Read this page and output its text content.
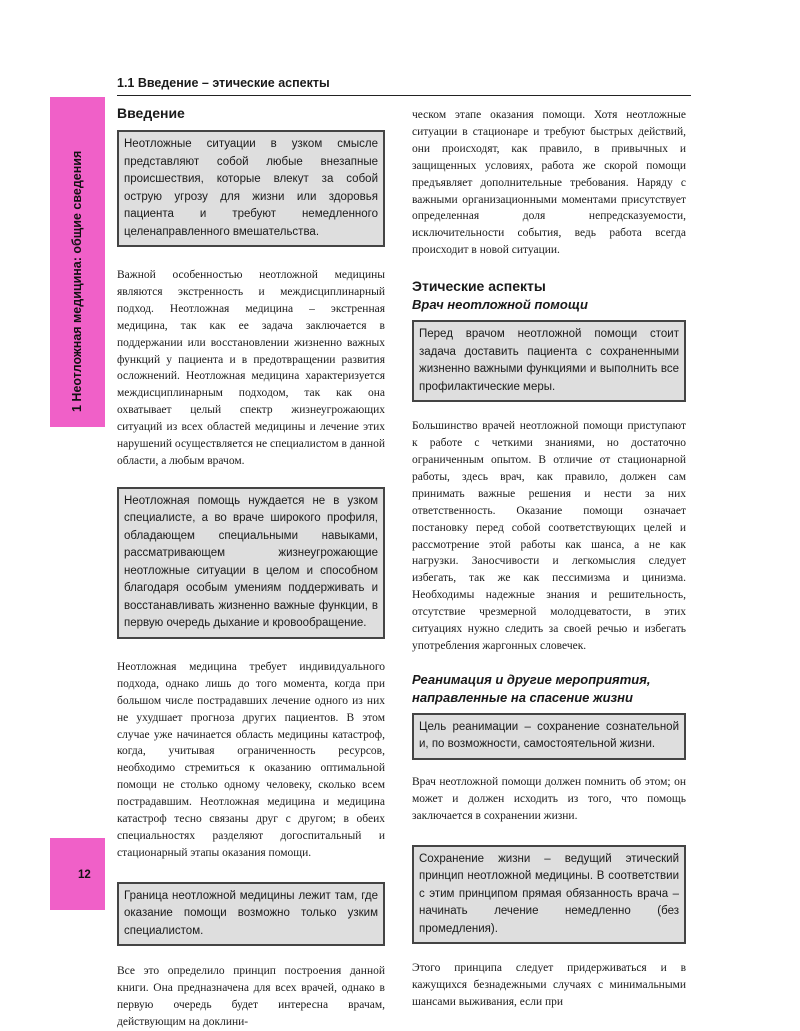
1.1 Введение – этические аспекты
1 Неотложная медицина: общие сведения
12
Введение
Неотложные ситуации в узком смысле представляют собой любые внезапные происшествия, которые влекут за собой острую угрозу для жизни или здоровья пациента и требуют немедленного целенаправленного вмешательства.

Важной особенностью неотложной медицины являются экстренность и междисциплинарный подход. Неотложная медицина – экстренная медицина, так как ее задача заключается в поддержании или восстановлении жизненно важных функций у пациента и в предотвращении развития осложнений. Неотложная медицина характеризуется междисциплинарным подходом, так как она охватывает целый спектр жизнеугрожающих ситуаций из всех областей медицины и лечение этих нарушений осуществляется не специалистом в данной области, а любым врачом.

Неотложная помощь нуждается не в узком специалисте, а во враче широкого профиля, обладающем специальными навыками, рассматривающем жизнеугрожающие неотложные ситуации в целом и способном благодаря особым умениям поддерживать и восстанавливать жизненно важные функции, в первую очередь дыхание и кровообращение.

Неотложная медицина требует индивидуального подхода, однако лишь до того момента, когда при большом числе пострадавших лечение одного из них не ухудшает прогноза других пациентов. В этом случае уже начинается область медицины катастроф, когда, учитывая ограниченность ресурсов, необходимо стремиться к оказанию оптимальной помощи не столько одному человеку, сколько всем пострадавшим. Неотложная медицина и медицина катастроф тесно связаны друг с другом; в обеих специальностях разделяют догоспитальный и стационарный этапы оказания помощи.

Граница неотложной медицины лежит там, где оказание помощи возможно только узким специалистом.

Все это определило принцип построения данной книги. Она предназначена для всех врачей, однако в первую очередь будет интересна врачам, действующим на доклини-

ческом этапе оказания помощи. Хотя неотложные ситуации в стационаре и требуют быстрых действий, они происходят, как правило, в привычных и защищенных условиях, работа же скорой помощи предъявляет дополнительные требования. Наряду с важными организационными моментами присутствует определенная доля непредсказуемости, исключительности события, ведь работа всегда происходит в новой ситуации.

Этические аспекты
Врач неотложной помощи
Перед врачом неотложной помощи стоит задача доставить пациента с сохраненными жизненно важными функциями и выполнить все профилактические меры.

Большинство врачей неотложной помощи приступают к работе с четкими знаниями, но достаточно ограниченным опытом. В отличие от стационарной работы, здесь врач, как правило, должен сам принимать важные решения и нести за них ответственность. Оказание помощи означает постановку перед собой соответствующих целей и рассмотрение этой работы как шанса, а не как нагрузки. Заносчивости и легкомыслия следует избегать, так же как пессимизма и цинизма. Необходимы надежные знания и решительность, отсутствие чрезмерной молодцеватости, в этих ситуациях нужно следить за своей речью и избегать употребления жаргонных словечек.

Реанимация и другие мероприятия, направленные на спасение жизни
Цель реанимации – сохранение сознательной и, по возможности, самостоятельной жизни.

Врач неотложной помощи должен помнить об этом; он может и должен исходить из того, что помощь заключается в сохранении жизни.

Сохранение жизни – ведущий этический принцип неотложной медицины. В соответствии с этим принципом прямая обязанность врача – начинать лечение немедленно (без промедления).

Этого принципа следует придерживаться и в кажущихся безнадежными случаях с минимальными шансами выживания, если при
